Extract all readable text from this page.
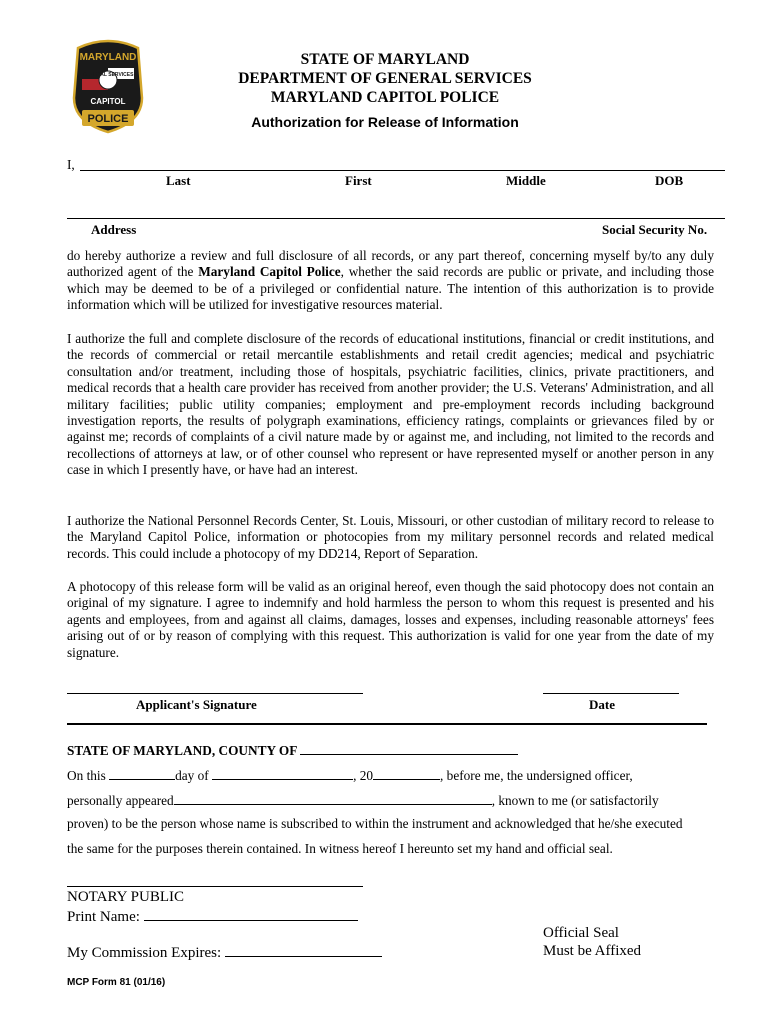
MARYLAND
GENERAL SERVICES
CAPITOL
POLICE
STATE OF MARYLAND
DEPARTMENT OF GENERAL SERVICES
MARYLAND CAPITOL POLICE
Authorization for Release of Information
I,
Last	First	Middle	DOB
Address	Social Security No.
do hereby authorize a review and full disclosure of all records, or any part thereof, concerning myself by/to any duly authorized agent of the Maryland Capitol Police, whether the said records are public or private, and including those which may be deemed to be of a privileged or confidential nature. The intention of this authorization is to provide information which will be utilized for investigative resources material.
I authorize the full and complete disclosure of the records of educational institutions, financial or credit institutions, and the records of commercial or retail mercantile establishments and retail credit agencies; medical and psychiatric consultation and/or treatment, including those of hospitals, psychiatric facilities, clinics, private practitioners, and medical records that a health care provider has received from another provider; the U.S. Veterans' Administration, and all military facilities; public utility companies; employment and pre-employment records including background investigation reports, the results of polygraph examinations, efficiency ratings, complaints or grievances filed by or against me; records of complaints of a civil nature made by or against me, and including, not limited to the records and recollections of attorneys at law, or of other counsel who represent or have represented myself or another person in any case in which I presently have, or have had an interest.
I authorize the National Personnel Records Center, St. Louis, Missouri, or other custodian of military record to release to the Maryland Capitol Police, information or photocopies from my military personnel records and related medical records. This could include a photocopy of my DD214, Report of Separation.
A photocopy of this release form will be valid as an original hereof, even though the said photocopy does not contain an original of my signature. I agree to indemnify and hold harmless the person to whom this request is presented and his agents and employees, from and against all claims, damages, losses and expenses, including reasonable attorneys' fees arising out of or by reason of complying with this request. This authorization is valid for one year from the date of my signature.
Applicant's Signature	Date
STATE OF MARYLAND, COUNTY OF
On this	day of	, 20	, before me, the undersigned officer,
personally appeared	, known to me (or satisfactorily
proven) to be the person whose name is subscribed to within the instrument and acknowledged that he/she executed
the same for the purposes therein contained. In witness hereof I hereunto set my hand and official seal.
NOTARY PUBLIC
Print Name:
My Commission Expires:
Official Seal
Must be Affixed
MCP Form 81 (01/16)
